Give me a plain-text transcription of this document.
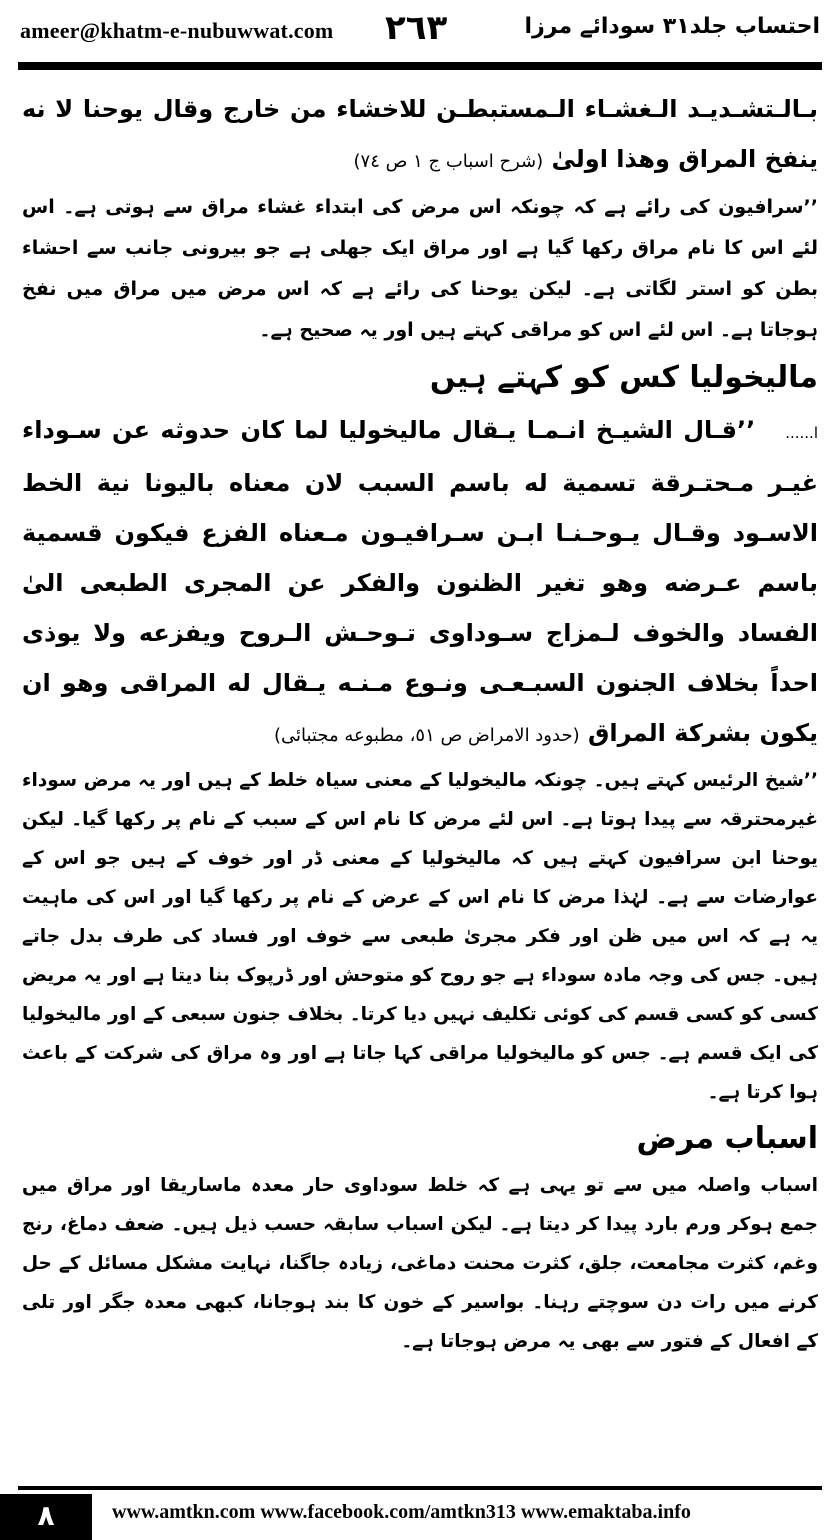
ameer@khatm-e-nubuwwat.com ٢٦٣	احتساب جلد۳۱ سودائے مرزا

بـالـتشـديـد الـغشـاء الـمستبطـن للاخشاء من خارج وقال يوحنا لا نه ينفخ المراق وهذا اولىٰ (شرح اسباب ج ١ ص ٧٤)

’’سرافیون کی رائے ہے کہ چونکہ اس مرض کی ابتداء غشاء مراق سے ہوتی ہے۔ اس لئے اس کا نام مراق رکھا گیا ہے اور مراق ایک جھلی ہے جو بیرونی جانب سے احشاء بطن کو استر لگاتی ہے۔ لیکن یوحنا کی رائے ہے کہ اس مرض میں مراق میں نفخ ہوجاتا ہے۔ اس لئے اس کو مراقی کہتے ہیں اور یہ صحیح ہے۔

مالیخولیا کس کو کہتے ہیں

ا......’’قـال الشيـخ انـمـا يـقال ماليخوليا لما كان حدوثه عن سـوداء غيـر مـحتـرقة تسمية له باسم السبب لان معناه باليونا نية الخط الاسـود وقـال يـوحـنـا ابـن سـرافيـون مـعناه الفزع فيكون قسمية باسم عـرضه وهو تغير الظنون والفكر عن المجرى الطبعى الىٰ الفساد والخوف لـمزاج سـوداوى تـوحـش الـروح ويفزعه ولا يوذى احداً بخلاف الجنون السبـعـى ونـوع مـنـه يـقال له المراقى وهو ان يكون بشركة المراق (حدود الامراض ص ٥١، مطبوعه مجتبائى)

’’شیخ الرئیس کہتے ہیں۔ چونکہ مالیخولیا کے معنی سیاہ خلط کے ہیں اور یہ مرض سوداء غیرمحترقہ سے پیدا ہوتا ہے۔ اس لئے مرض کا نام اس کے سبب کے نام پر رکھا گیا۔ لیکن یوحنا ابن سرافیون کہتے ہیں کہ مالیخولیا کے معنی ڈر اور خوف کے ہیں جو اس کے عوارضات سے ہے۔ لہٰذا مرض کا نام اس کے عرض کے نام پر رکھا گیا اور اس کی ماہیت یہ ہے کہ اس میں ظن اور فکر مجریٰ طبعی سے خوف اور فساد کی طرف بدل جاتے ہیں۔ جس کی وجہ مادہ سوداء ہے جو روح کو متوحش اور ڈرپوک بنا دیتا ہے اور یہ مریض کسی کو کسی قسم کی کوئی تکلیف نہیں دیا کرتا۔ بخلاف جنون سبعی کے اور مالیخولیا کی ایک قسم ہے۔ جس کو مالیخولیا مراقی کہا جاتا ہے اور وہ مراق کی شرکت کے باعث ہوا کرتا ہے۔

اسباب مرض

اسباب واصلہ میں سے تو یہی ہے کہ خلط سوداوی حار معدہ ماساریقا اور مراق میں جمع ہوکر ورم بارد پیدا کر دیتا ہے۔ لیکن اسباب سابقہ حسب ذیل ہیں۔ ضعف دماغ، رنج وغم، کثرت مجامعت، جلق، کثرت محنت دماغی، زیادہ جاگنا، نہایت مشکل مسائل کے حل کرنے میں رات دن سوچتے رہنا۔ بواسیر کے خون کا بند ہوجانا، کبھی معدہ جگر اور تلی کے افعال کے فتور سے بھی یہ مرض ہوجاتا ہے۔

۸	www.amtkn.com www.facebook.com/amtkn313 www.emaktaba.info
